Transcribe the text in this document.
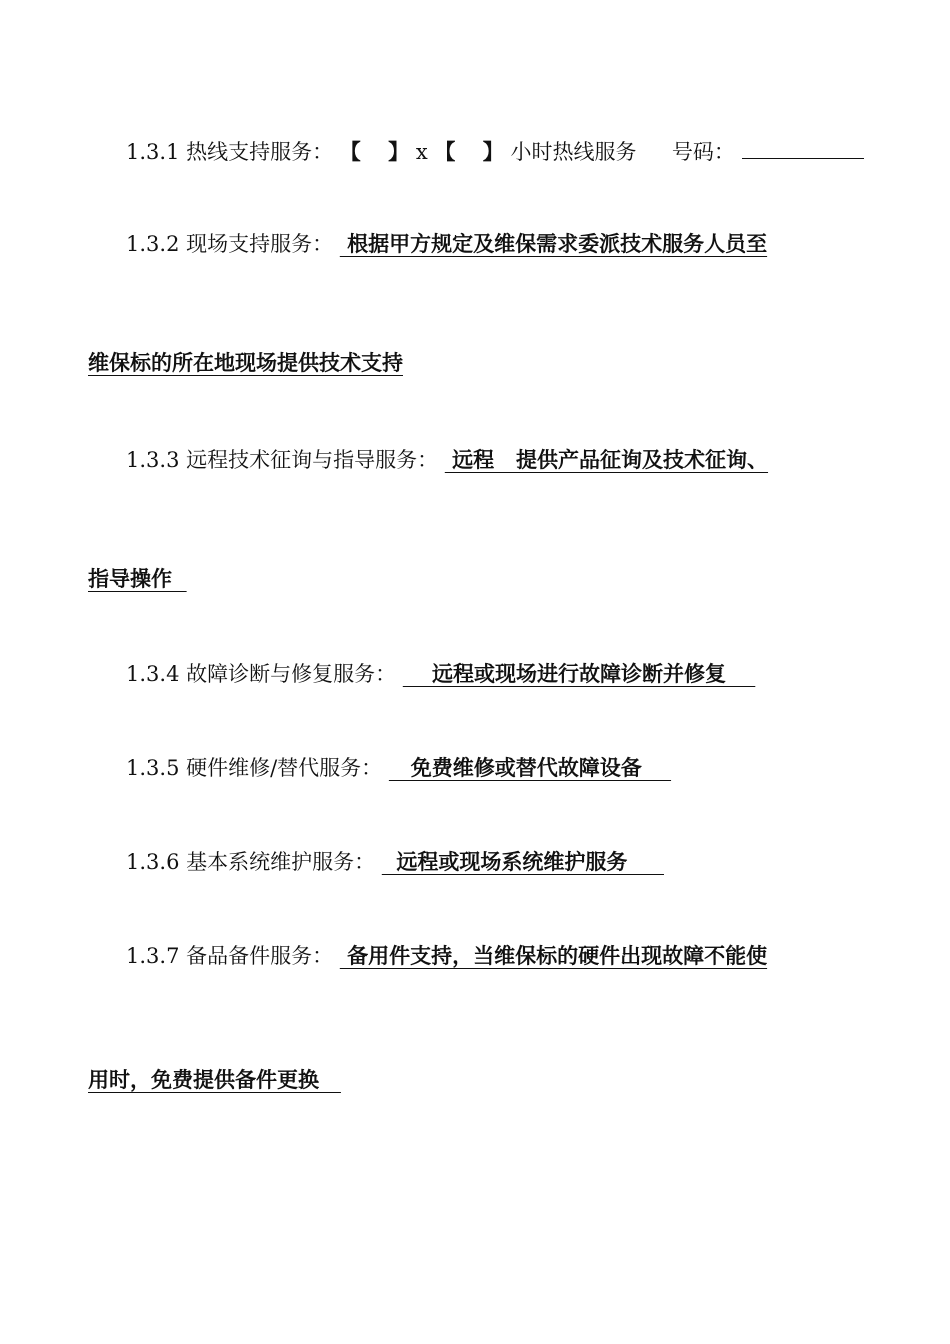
1.3.1 热线支持服务： 【 】 x 【 】 小时热线服务 号码：
1.3.2 现场支持服务：  根据甲方规定及维保需求委派技术服务人员至
维保标的所在地现场提供技术支持
1.3.3 远程技术征询与指导服务：  远程   提供产品征询及技术征询、
指导操作
1.3.4 故障诊断与修复服务：     远程或现场进行故障诊断并修复
1.3.5 硬件维修/替代服务：    免费维修或替代故障设备
1.3.6 基本系统维护服务：   远程或现场系统维护服务
1.3.7 备品备件服务：  备用件支持，当维保标的硬件出现故障不能使
用时，免费提供备件更换
